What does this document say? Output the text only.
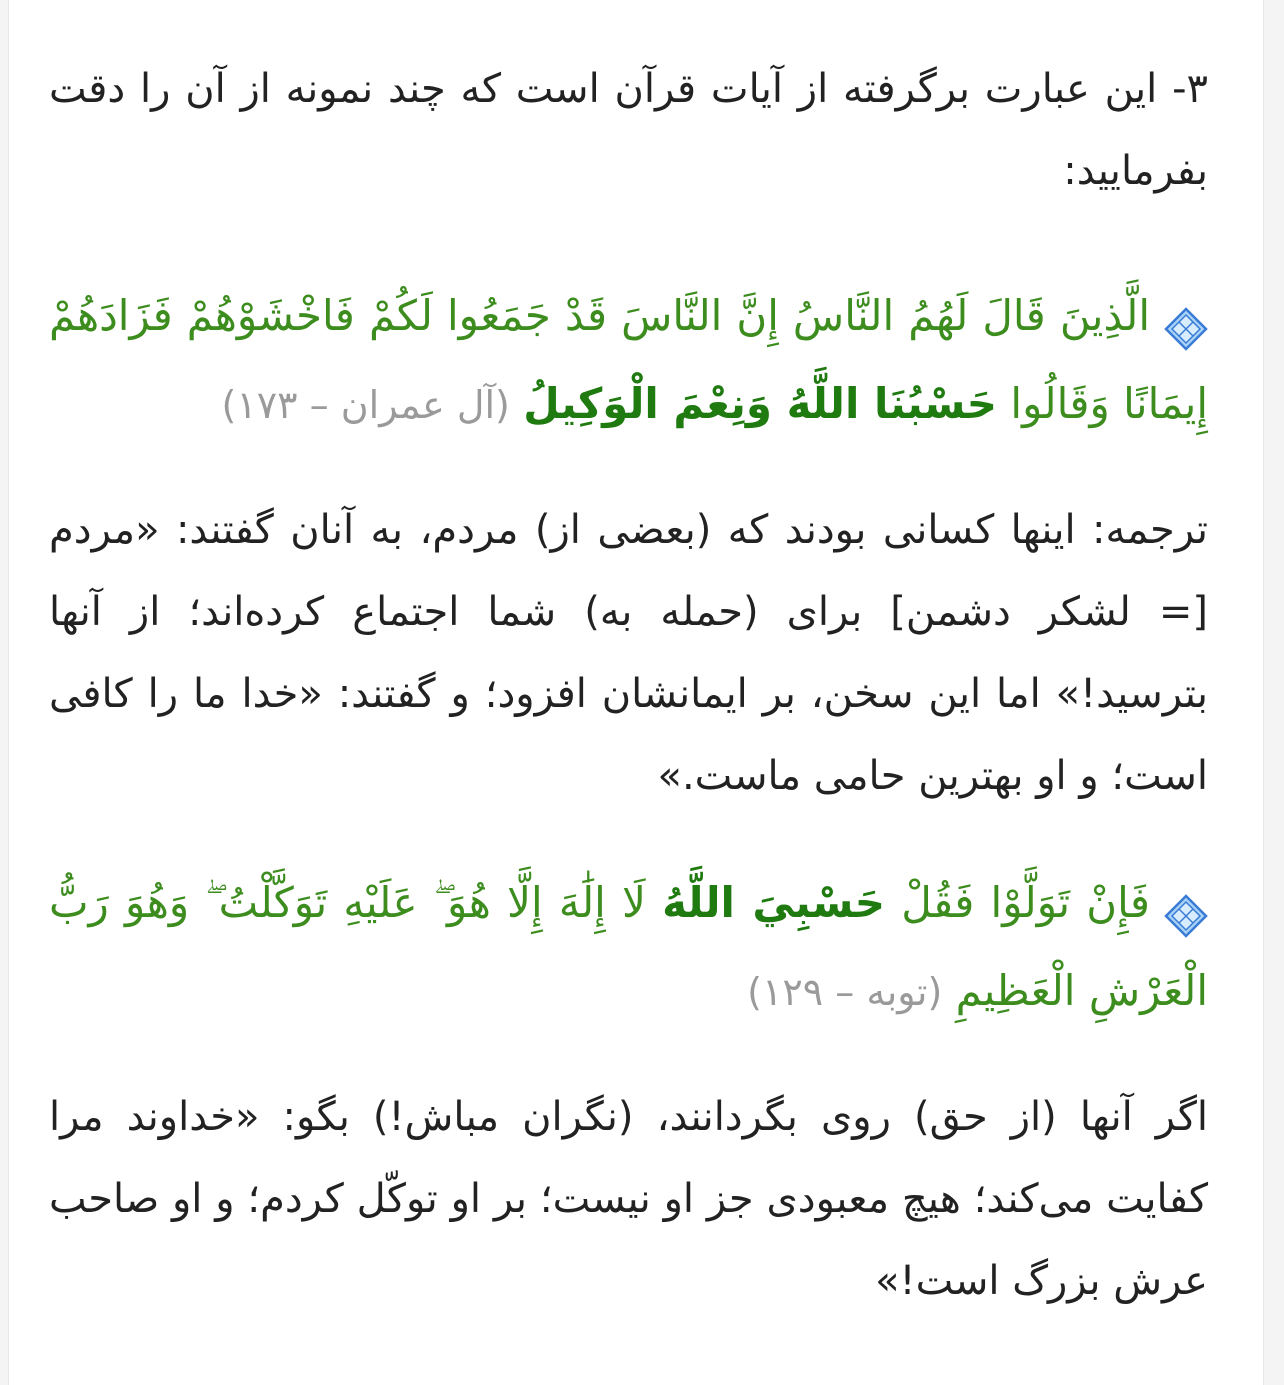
۳- این عبارت برگرفته از آیات قرآن است که چند نمونه از آن را دقت بفرمایید:

الَّذِينَ قَالَ لَهُمُ النَّاسُ إِنَّ النَّاسَ قَدْ جَمَعُوا لَكُمْ فَاخْشَوْهُمْ فَزَادَهُمْ إِيمَانًا وَقَالُوا حَسْبُنَا اللَّهُ وَنِعْمَ الْوَكِيلُ (آل عمران – ۱۷۳)

ترجمه: اینها کسانی بودند که (بعضی از) مردم، به آنان گفتند: «مردم [= لشکر دشمن] برای (حمله به) شما اجتماع کرده‌اند؛ از آنها بترسید!» اما این سخن، بر ایمانشان افزود؛ و گفتند: «خدا ما را کافی است؛ و او بهترین حامی ماست.»

فَإِنْ تَوَلَّوْا فَقُلْ حَسْبِيَ اللَّهُ لَا إِلَٰهَ إِلَّا هُوَ ۖ عَلَيْهِ تَوَكَّلْتُ ۖ وَهُوَ رَبُّ الْعَرْشِ الْعَظِيمِ (توبه – ۱۲۹)

اگر آنها (از حق) روی بگردانند، (نگران مباش!) بگو: «خداوند مرا کفایت می‌کند؛ هیچ معبودی جز او نیست؛ بر او توکّل کردم؛ و او صاحب عرش بزرگ است!»
